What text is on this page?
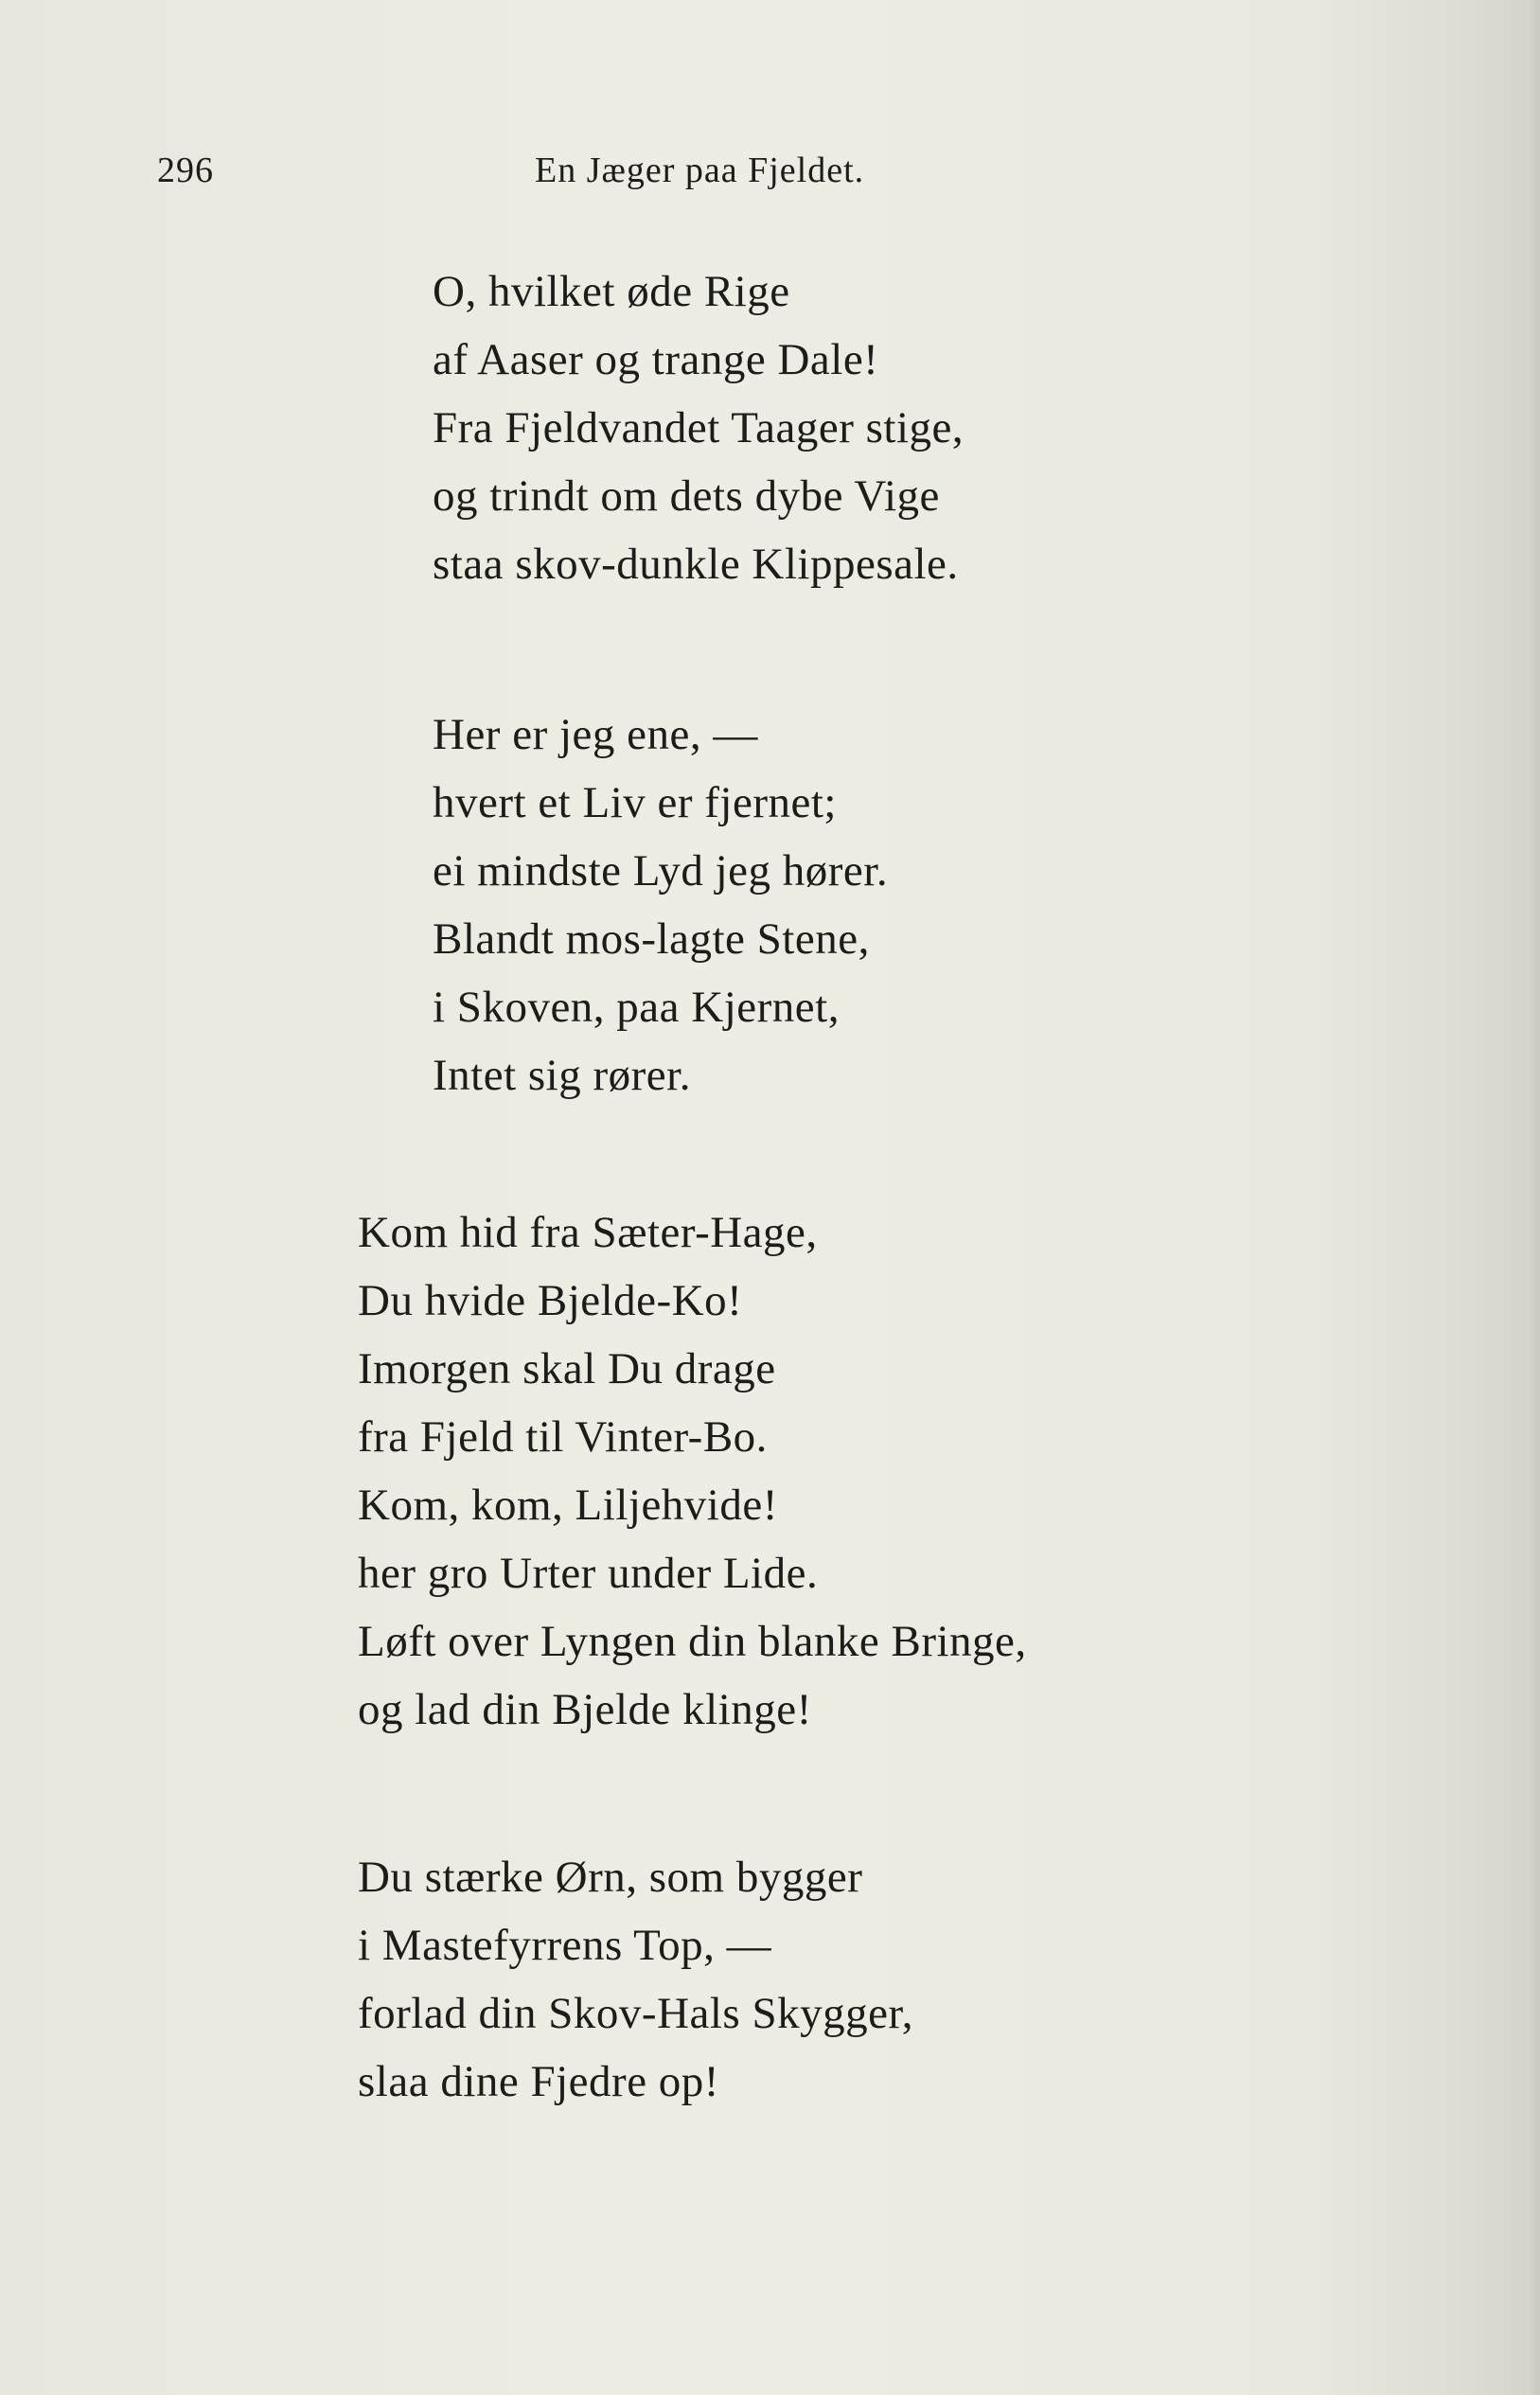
296	En Jæger paa Fjeldet.
O, hvilket øde Rige
af Aaser og trange Dale!
Fra Fjeldvandet Taager stige,
og trindt om dets dybe Vige
staa skov-dunkle Klippesale.
Her er jeg ene, —
hvert et Liv er fjernet;
ei mindste Lyd jeg hører.
Blandt mos-lagte Stene,
i Skoven, paa Kjernet,
Intet sig rører.
Kom hid fra Sæter-Hage,
Du hvide Bjelde-Ko!
Imorgen skal Du drage
fra Fjeld til Vinter-Bo.
Kom, kom, Liljehvide!
her gro Urter under Lide.
Løft over Lyngen din blanke Bringe,
og lad din Bjelde klinge!
Du stærke Ørn, som bygger
i Mastefyrrens Top, —
forlad din Skov-Hals Skygger,
slaa dine Fjedre op!
